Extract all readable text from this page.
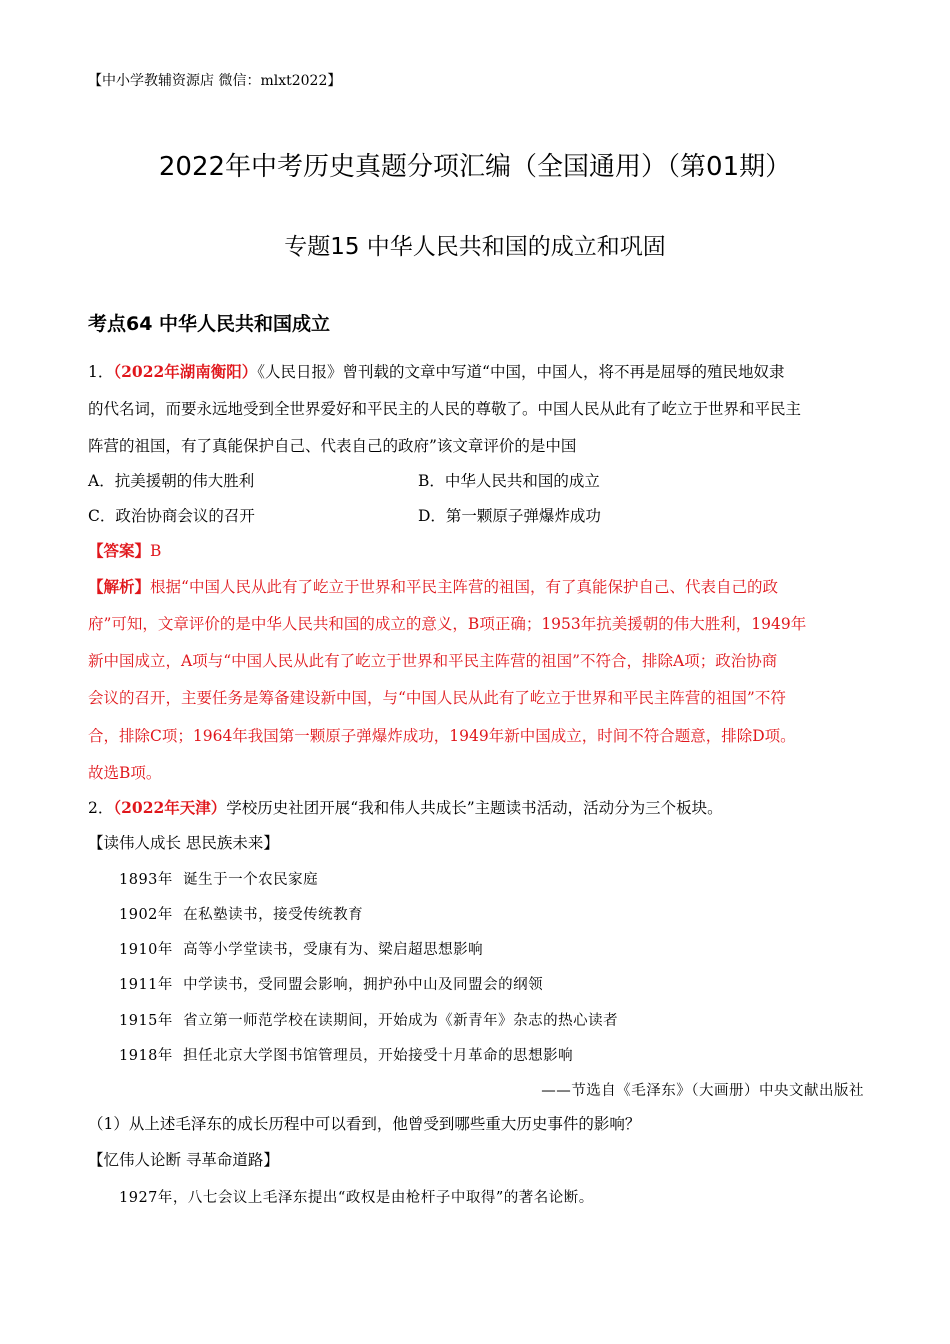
【中小学教辅资源店 微信：mlxt2022】
2022年中考历史真题分项汇编（全国通用）（第01期）
专题15 中华人民共和国的成立和巩固
考点64 中华人民共和国成立
1．（2022年湖南衡阳）《人民日报》曾刊载的文章中写道“中国，中国人，将不再是屈辱的殖民地奴隶
的代名词，而要永远地受到全世界爱好和平民主的人民的尊敬了。中国人民从此有了屹立于世界和平民主
阵营的祖国，有了真能保护自己、代表自己的政府”该文章评价的是中国
A．抗美援朝的伟大胜利	B．中华人民共和国的成立
C．政治协商会议的召开	D．第一颗原子弹爆炸成功
【答案】B
【解析】根据“中国人民从此有了屹立于世界和平民主阵营的祖国，有了真能保护自己、代表自己的政
府”可知，文章评价的是中华人民共和国的成立的意义，B项正确；1953年抗美援朝的伟大胜利，1949年
新中国成立，A项与“中国人民从此有了屹立于世界和平民主阵营的祖国”不符合，排除A项；政治协商
会议的召开，主要任务是筹备建设新中国，与“中国人民从此有了屹立于世界和平民主阵营的祖国”不符
合，排除C项；1964年我国第一颗原子弹爆炸成功，1949年新中国成立，时间不符合题意，排除D项。
故选B项。
2．（2022年天津）学校历史社团开展“我和伟人共成长”主题读书活动，活动分为三个板块。
【读伟人成长 思民族未来】
1893年 诞生于一个农民家庭
1902年 在私塾读书，接受传统教育
1910年 高等小学堂读书，受康有为、梁启超思想影响
1911年 中学读书，受同盟会影响，拥护孙中山及同盟会的纲领
1915年 省立第一师范学校在读期间，开始成为《新青年》杂志的热心读者
1918年 担任北京大学图书馆管理员，开始接受十月革命的思想影响
——节选自《毛泽东》（大画册）中央文献出版社
（1）从上述毛泽东的成长历程中可以看到，他曾受到哪些重大历史事件的影响？
【忆伟人论断 寻革命道路】
1927年，八七会议上毛泽东提出“政权是由枪杆子中取得”的著名论断。
